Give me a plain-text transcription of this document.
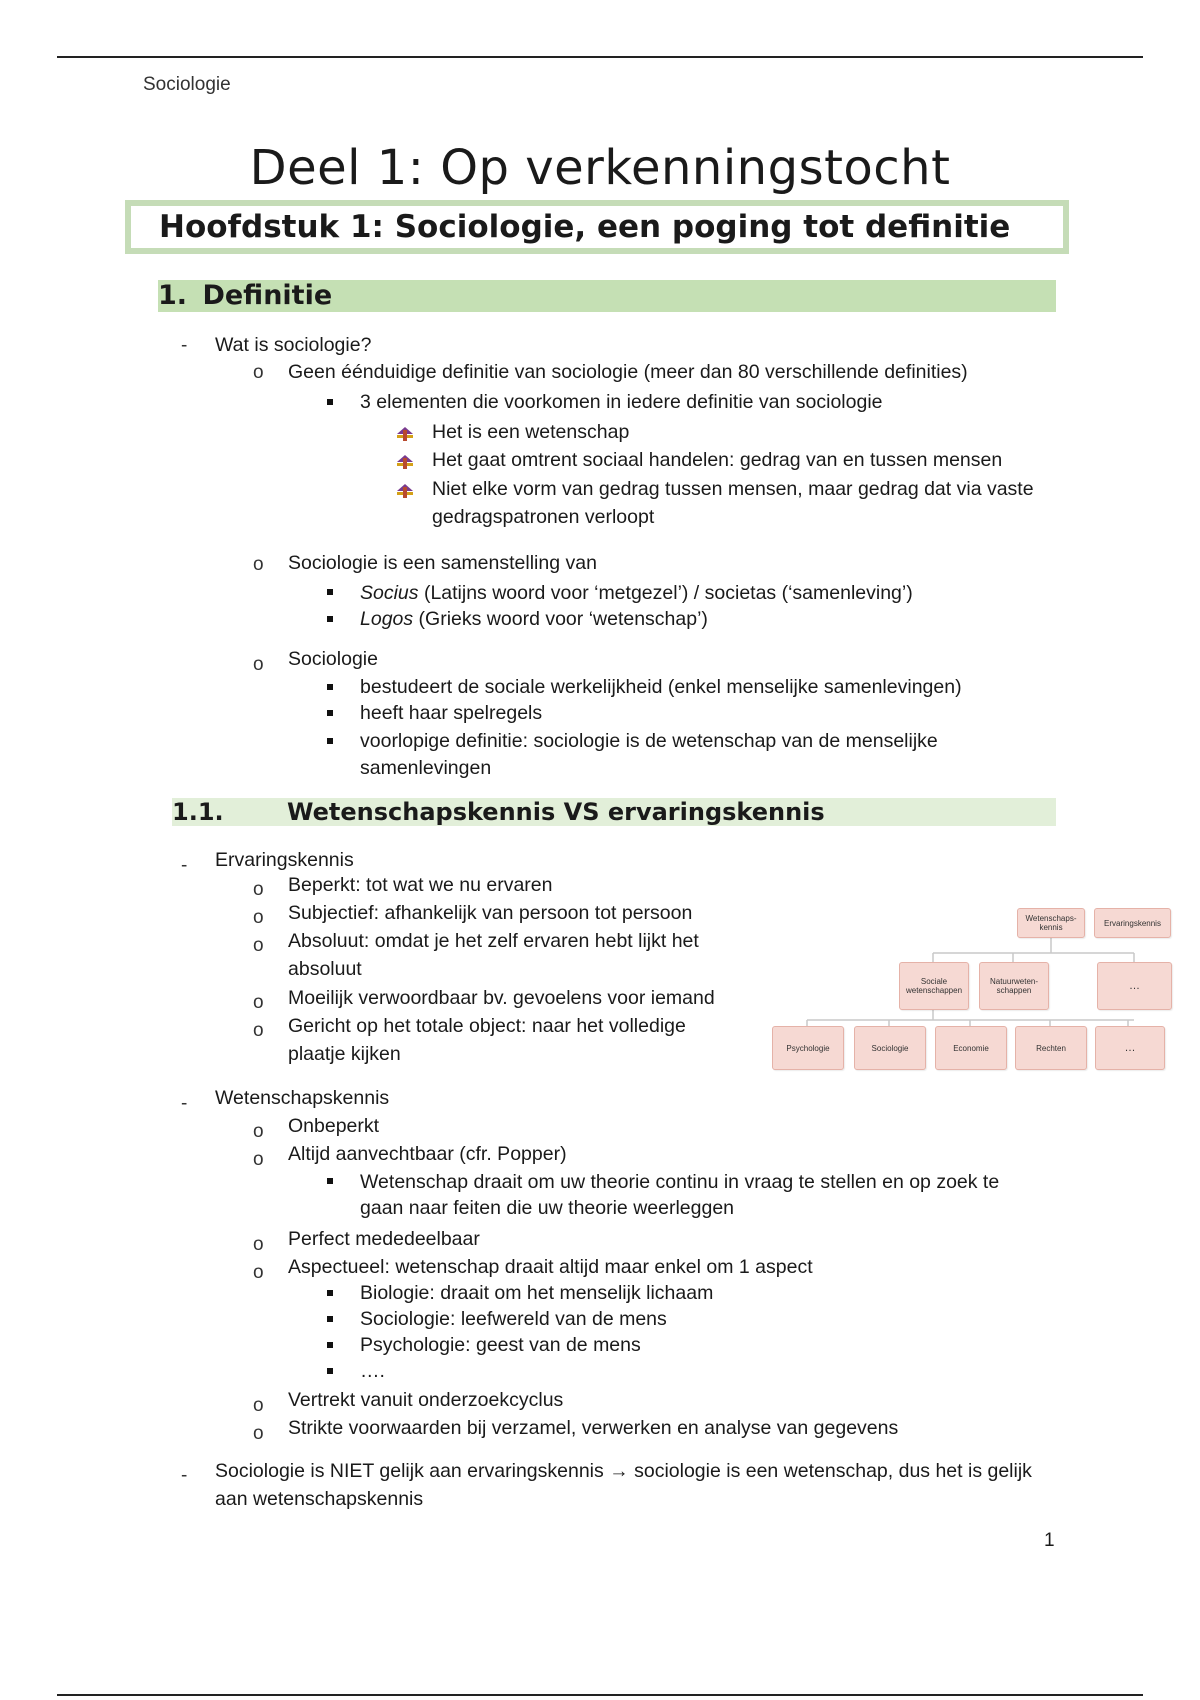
Sociologie
Deel 1: Op verkenningstocht
Hoofdstuk 1: Sociologie, een poging tot definitie
1. Definitie
- Wat is sociologie?
o Geen éénduidige definitie van sociologie (meer dan 80 verschillende definities)
3 elementen die voorkomen in iedere definitie van sociologie
Het is een wetenschap
Het gaat omtrent sociaal handelen: gedrag van en tussen mensen
Niet elke vorm van gedrag tussen mensen, maar gedrag dat via vaste
gedragspatronen verloopt
o Sociologie is een samenstelling van
Socius (Latijns woord voor ‘metgezel’) / societas (‘samenleving’)
Logos (Grieks woord voor ‘wetenschap’)
o Sociologie
bestudeert de sociale werkelijkheid (enkel menselijke samenlevingen)
heeft haar spelregels
voorlopige definitie: sociologie is de wetenschap van de menselijke
samenlevingen
1.1.	Wetenschapskennis VS ervaringskennis
- Ervaringskennis
o Beperkt: tot wat we nu ervaren
o Subjectief: afhankelijk van persoon tot persoon
o Absoluut: omdat je het zelf ervaren hebt lijkt het
absoluut
o Moeilijk verwoordbaar bv. gevoelens voor iemand
o Gericht op het totale object: naar het volledige
plaatje kijken
Wetenschaps-kennis	Ervaringskennis
Sociale wetenschappen
Natuurweten-schappen	…
Psychologie	Sociologie	Economie	Rechten	…
- Wetenschapskennis
o Onbeperkt
o Altijd aanvechtbaar (cfr. Popper)
Wetenschap draait om uw theorie continu in vraag te stellen en op zoek te
gaan naar feiten die uw theorie weerleggen
o Perfect mededeelbaar
o Aspectueel: wetenschap draait altijd maar enkel om 1 aspect
Biologie: draait om het menselijk lichaam
Sociologie: leefwereld van de mens
Psychologie: geest van de mens
….
o Vertrekt vanuit onderzoekcyclus
o Strikte voorwaarden bij verzamel, verwerken en analyse van gegevens
- Sociologie is NIET gelijk aan ervaringskennis → sociologie is een wetenschap, dus het is gelijk
aan wetenschapskennis
1
